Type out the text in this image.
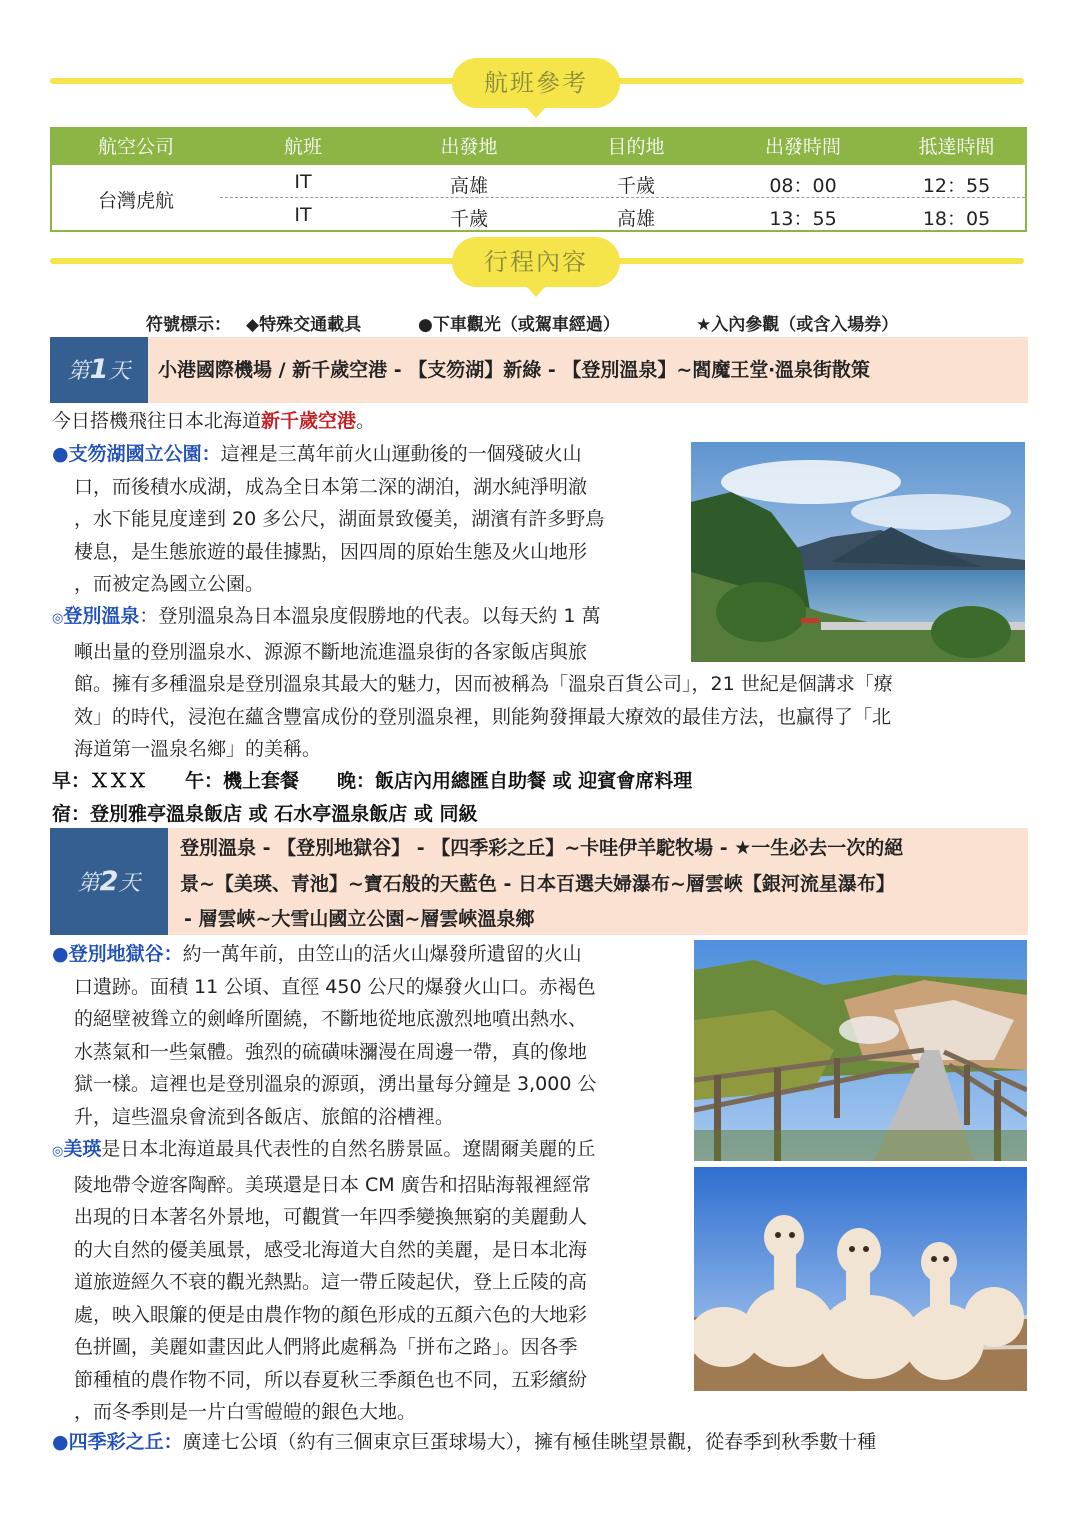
航班參考
航空公司	航班	出發地	目的地	出發時間	抵達時間
台灣虎航
IT	高雄	千歲	08：00	12：55
IT	千歲	高雄	13：55	18：05
行程內容
符號標示： ◆特殊交通載具	●下車觀光（或駕車經過）	★入內參觀（或含入場券）
第1天	小港國際機場 / 新千歲空港 - 【支笏湖】新綠 - 【登別溫泉】~閻魔王堂‧溫泉街散策
今日搭機飛往日本北海道新千歲空港。
●支笏湖國立公園：這裡是三萬年前火山運動後的一個殘破火山
口，而後積水成湖，成為全日本第二深的湖泊，湖水純淨明澈
，水下能見度達到 20 多公尺，湖面景致優美，湖濱有許多野鳥
棲息，是生態旅遊的最佳據點，因四周的原始生態及火山地形
，而被定為國立公園。
◎登別溫泉：登別溫泉為日本溫泉度假勝地的代表。以每天約 1 萬
噸出量的登別溫泉水、源源不斷地流進溫泉街的各家飯店與旅
館。擁有多種溫泉是登別溫泉其最大的魅力，因而被稱為「溫泉百貨公司」，21 世紀是個講求「療
效」的時代，浸泡在蘊含豐富成份的登別溫泉裡，則能夠發揮最大療效的最佳方法，也贏得了「北
海道第一溫泉名鄉」的美稱。
早：ＸＸＸ　　午：機上套餐　　晚：飯店內用總匯自助餐 或 迎賓會席料理
宿：登別雅亭溫泉飯店 或 石水亭溫泉飯店 或 同級
第2天
登別溫泉 - 【登別地獄谷】 - 【四季彩之丘】~卡哇伊羊駝牧場 - ★一生必去一次的絕
景~【美瑛、青池】~寶石般的天藍色 - 日本百選夫婦瀑布~層雲峽【銀河流星瀑布】
- 層雲峽~大雪山國立公園~層雲峽溫泉鄉
●登別地獄谷：約一萬年前，由笠山的活火山爆發所遺留的火山
口遺跡。面積 11 公頃、直徑 450 公尺的爆發火山口。赤褐色
的絕壁被聳立的劍峰所圍繞，不斷地從地底激烈地噴出熱水、
水蒸氣和一些氣體。強烈的硫磺味瀰漫在周邊一帶，真的像地
獄一樣。這裡也是登別溫泉的源頭，湧出量每分鐘是 3,000 公
升，這些溫泉會流到各飯店、旅館的浴槽裡。
◎美瑛是日本北海道最具代表性的自然名勝景區。遼闊爾美麗的丘
陵地帶令遊客陶醉。美瑛還是日本 CM 廣告和招貼海報裡經常
出現的日本著名外景地，可觀賞一年四季變換無窮的美麗動人
的大自然的優美風景，感受北海道大自然的美麗，是日本北海
道旅遊經久不衰的觀光熱點。這一帶丘陵起伏，登上丘陵的高
處，映入眼簾的便是由農作物的顏色形成的五顏六色的大地彩
色拼圖，美麗如畫因此人們將此處稱為「拼布之路」。因各季
節種植的農作物不同，所以春夏秋三季顏色也不同，五彩繽紛
，而冬季則是一片白雪皚皚的銀色大地。
●四季彩之丘：廣達七公頃（約有三個東京巨蛋球場大），擁有極佳眺望景觀，從春季到秋季數十種
